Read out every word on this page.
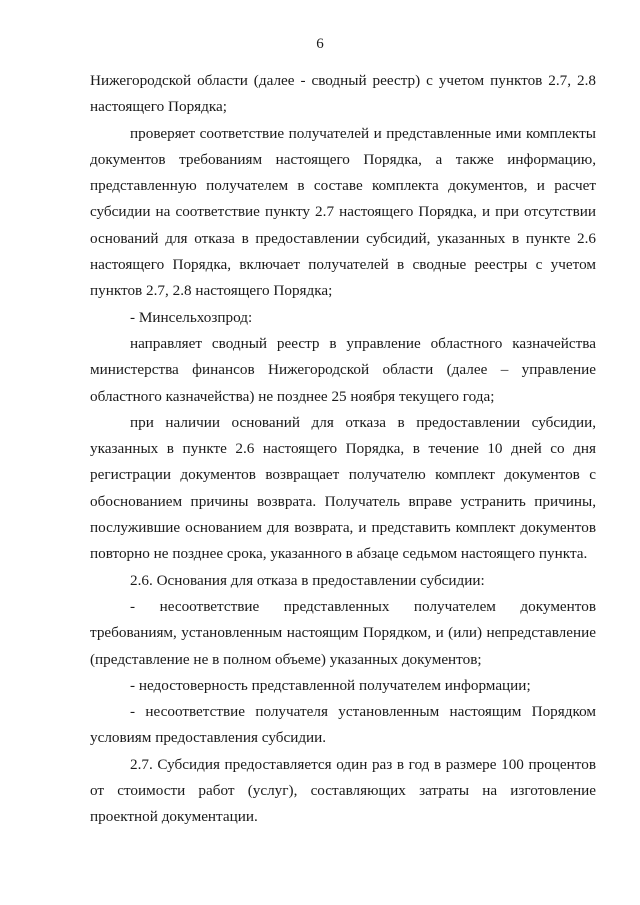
6

Нижегородской области (далее - сводный реестр) с учетом пунктов 2.7, 2.8 настоящего Порядка;

проверяет соответствие получателей и представленные ими комплекты документов требованиям настоящего Порядка, а также информацию, представленную получателем в составе комплекта документов, и расчет субсидии на соответствие пункту 2.7 настоящего Порядка, и при отсутствии оснований для отказа в предоставлении субсидий, указанных в пункте 2.6 настоящего Порядка, включает получателей в сводные реестры с учетом пунктов 2.7, 2.8 настоящего Порядка;

- Минсельхозпрод:

направляет сводный реестр в управление областного казначейства министерства финансов Нижегородской области (далее – управление областного казначейства) не позднее 25 ноября текущего года;

при наличии оснований для отказа в предоставлении субсидии, указанных в пункте 2.6 настоящего Порядка, в течение 10 дней со дня регистрации документов возвращает получателю комплект документов с обоснованием причины возврата. Получатель вправе устранить причины, послужившие основанием для возврата, и представить комплект документов повторно не позднее срока, указанного в абзаце седьмом настоящего пункта.

2.6. Основания для отказа в предоставлении субсидии:

- несоответствие представленных получателем документов требованиям, установленным настоящим Порядком, и (или) непредставление (представление не в полном объеме) указанных документов;

- недостоверность представленной получателем информации;

- несоответствие получателя установленным настоящим Порядком условиям предоставления субсидии.

2.7. Субсидия предоставляется один раз в год в размере 100 процентов от стоимости работ (услуг), составляющих затраты на изготовление проектной документации.
